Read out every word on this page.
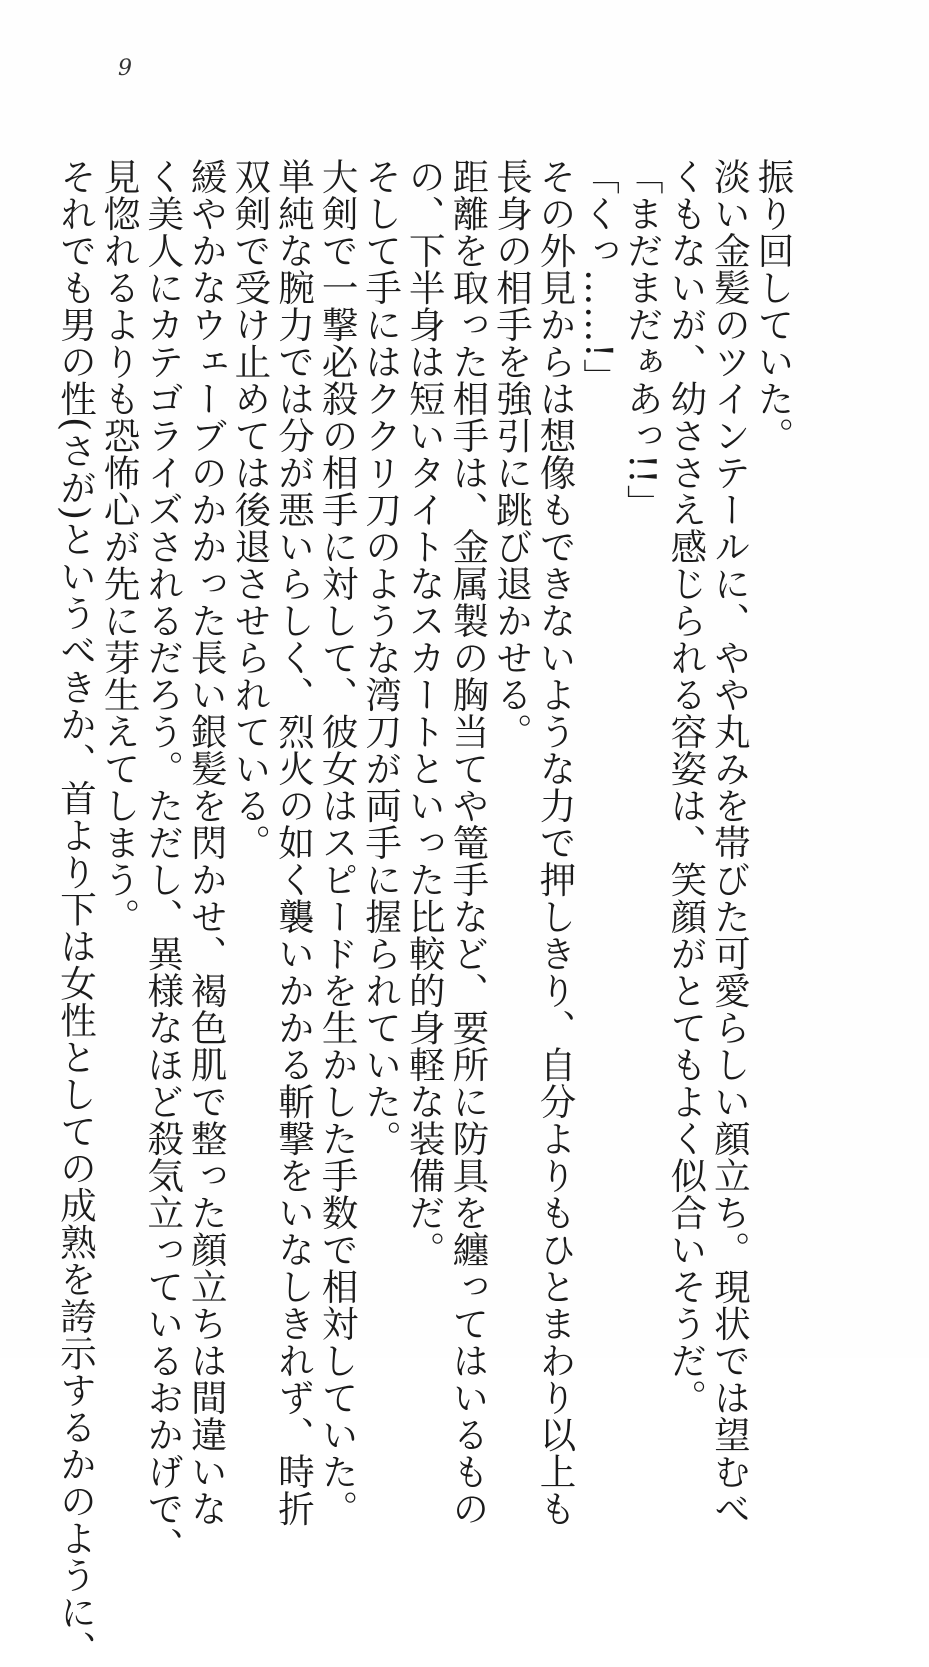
9
振り回していた。
淡い金髪のツインテールに、やや丸みを帯びた可愛らしい顔立ち。現状では望むべ
くもないが、幼ささえ感じられる容姿は、笑顔がとてもよく似合いそうだ。
「まだまだぁあっ!!」
「くっ……!」
その外見からは想像もできないような力で押しきり、自分よりもひとまわり以上も
長身の相手を強引に跳び退かせる。
距離を取った相手は、金属製の胸当てや篭手など、要所に防具を纏ってはいるもの
の、下半身は短いタイトなスカートといった比較的身軽な装備だ。
そして手にはククリ刀のような湾刀が両手に握られていた。
大剣で一撃必殺の相手に対して、彼女はスピードを生かした手数で相対していた。
単純な腕力では分が悪いらしく、烈火の如く襲いかかる斬撃をいなしきれず、時折
双剣で受け止めては後退させられている。
緩やかなウェーブのかかった長い銀髪を閃かせ、褐色肌で整った顔立ちは間違いな
く美人にカテゴライズされるだろう。ただし、異様なほど殺気立っているおかげで、
見惚れるよりも恐怖心が先に芽生えてしまう。
それでも男の性(さが)というべきか、首より下は女性としての成熟を誇示するかのように、
